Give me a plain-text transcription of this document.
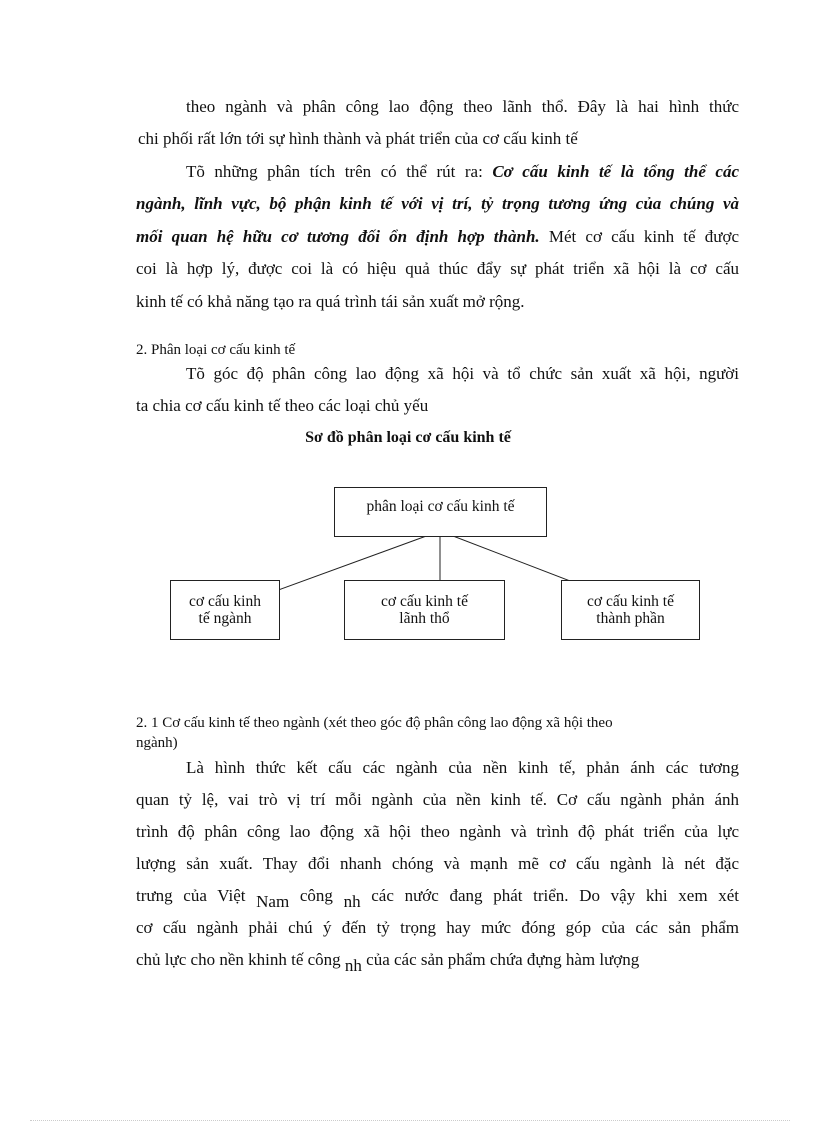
theo ngành và phân công lao động theo lãnh thổ. Đây là hai hình thức
chi phối rất lớn tới sự hình thành và phát triển của cơ cấu kinh tế
Tõ những phân tích trên có thể rút ra: Cơ cấu kinh tế là tổng thể các
ngành, lĩnh vực, bộ phận kinh tế với vị trí, tỷ trọng tương ứng của chúng và
mối quan hệ hữu cơ tương đối ổn định hợp thành. Mét cơ cấu kinh tế được
coi là hợp lý, được coi là có hiệu quả thúc đẩy sự phát triển xã hội là cơ cấu
kinh tế có khả năng tạo ra quá trình tái sản xuất mở rộng.
2. Phân loại cơ cấu kinh tế
Tõ góc độ phân công lao động xã hội và tổ chức sản xuất xã hội, người
ta chia cơ cấu kinh tế theo các loại chủ yếu
Sơ đồ phân loại cơ cấu kinh tế
phân loại cơ cấu kinh tế
cơ cấu kinh
tế ngành
cơ cấu kinh tế
lãnh thổ
cơ cấu kinh tế
thành phần
2. 1 Cơ cấu kinh tế theo ngành (xét theo góc độ phân công lao động xã hội theo
ngành)
Là hình thức kết cấu các ngành của nền kinh tế, phản ánh các tương
quan tỷ lệ, vai trò vị trí mỗi ngành của nền kinh tế. Cơ cấu ngành phản ánh
trình độ phân công lao động xã hội theo ngành và trình độ phát triển của lực
lượng sản xuất. Thay đổi nhanh chóng và mạnh mẽ cơ cấu ngành là nét đặc
trưng của Việt Nam công nh các nước đang phát triển. Do vậy khi xem xét
cơ cấu ngành phải chú ý đến tỷ trọng hay mức đóng góp của các sản phẩm
chủ lực cho nền khinh tế công nh của các sản phẩm chứa đựng hàm lượng
